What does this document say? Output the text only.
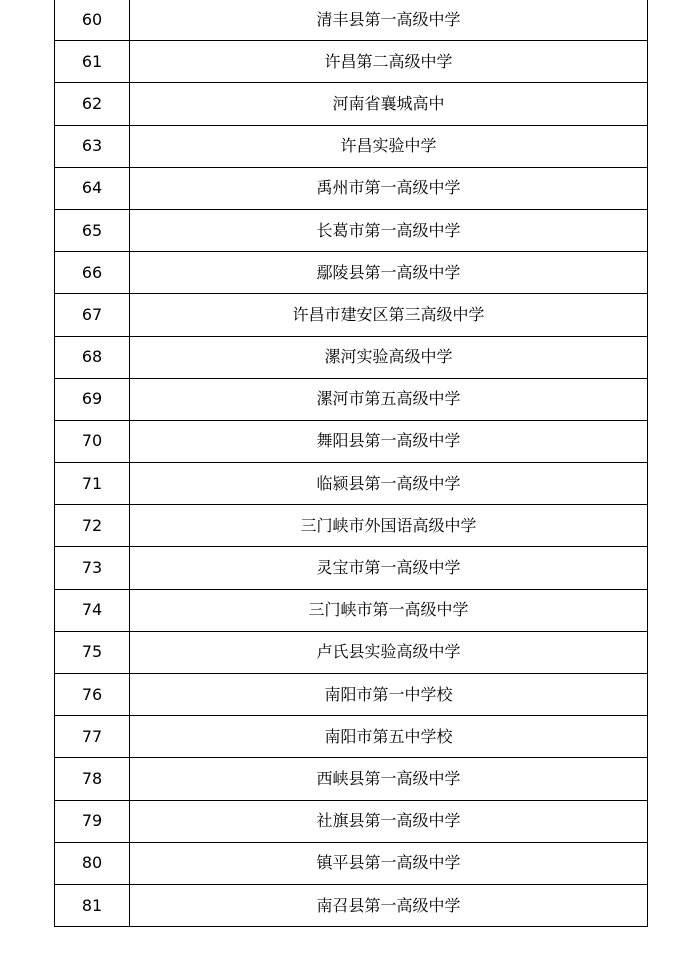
60	清丰县第一高级中学
61	许昌第二高级中学
62	河南省襄城高中
63	许昌实验中学
64	禹州市第一高级中学
65	长葛市第一高级中学
66	鄢陵县第一高级中学
67	许昌市建安区第三高级中学
68	漯河实验高级中学
69	漯河市第五高级中学
70	舞阳县第一高级中学
71	临颍县第一高级中学
72	三门峡市外国语高级中学
73	灵宝市第一高级中学
74	三门峡市第一高级中学
75	卢氏县实验高级中学
76	南阳市第一中学校
77	南阳市第五中学校
78	西峡县第一高级中学
79	社旗县第一高级中学
80	镇平县第一高级中学
81	南召县第一高级中学
